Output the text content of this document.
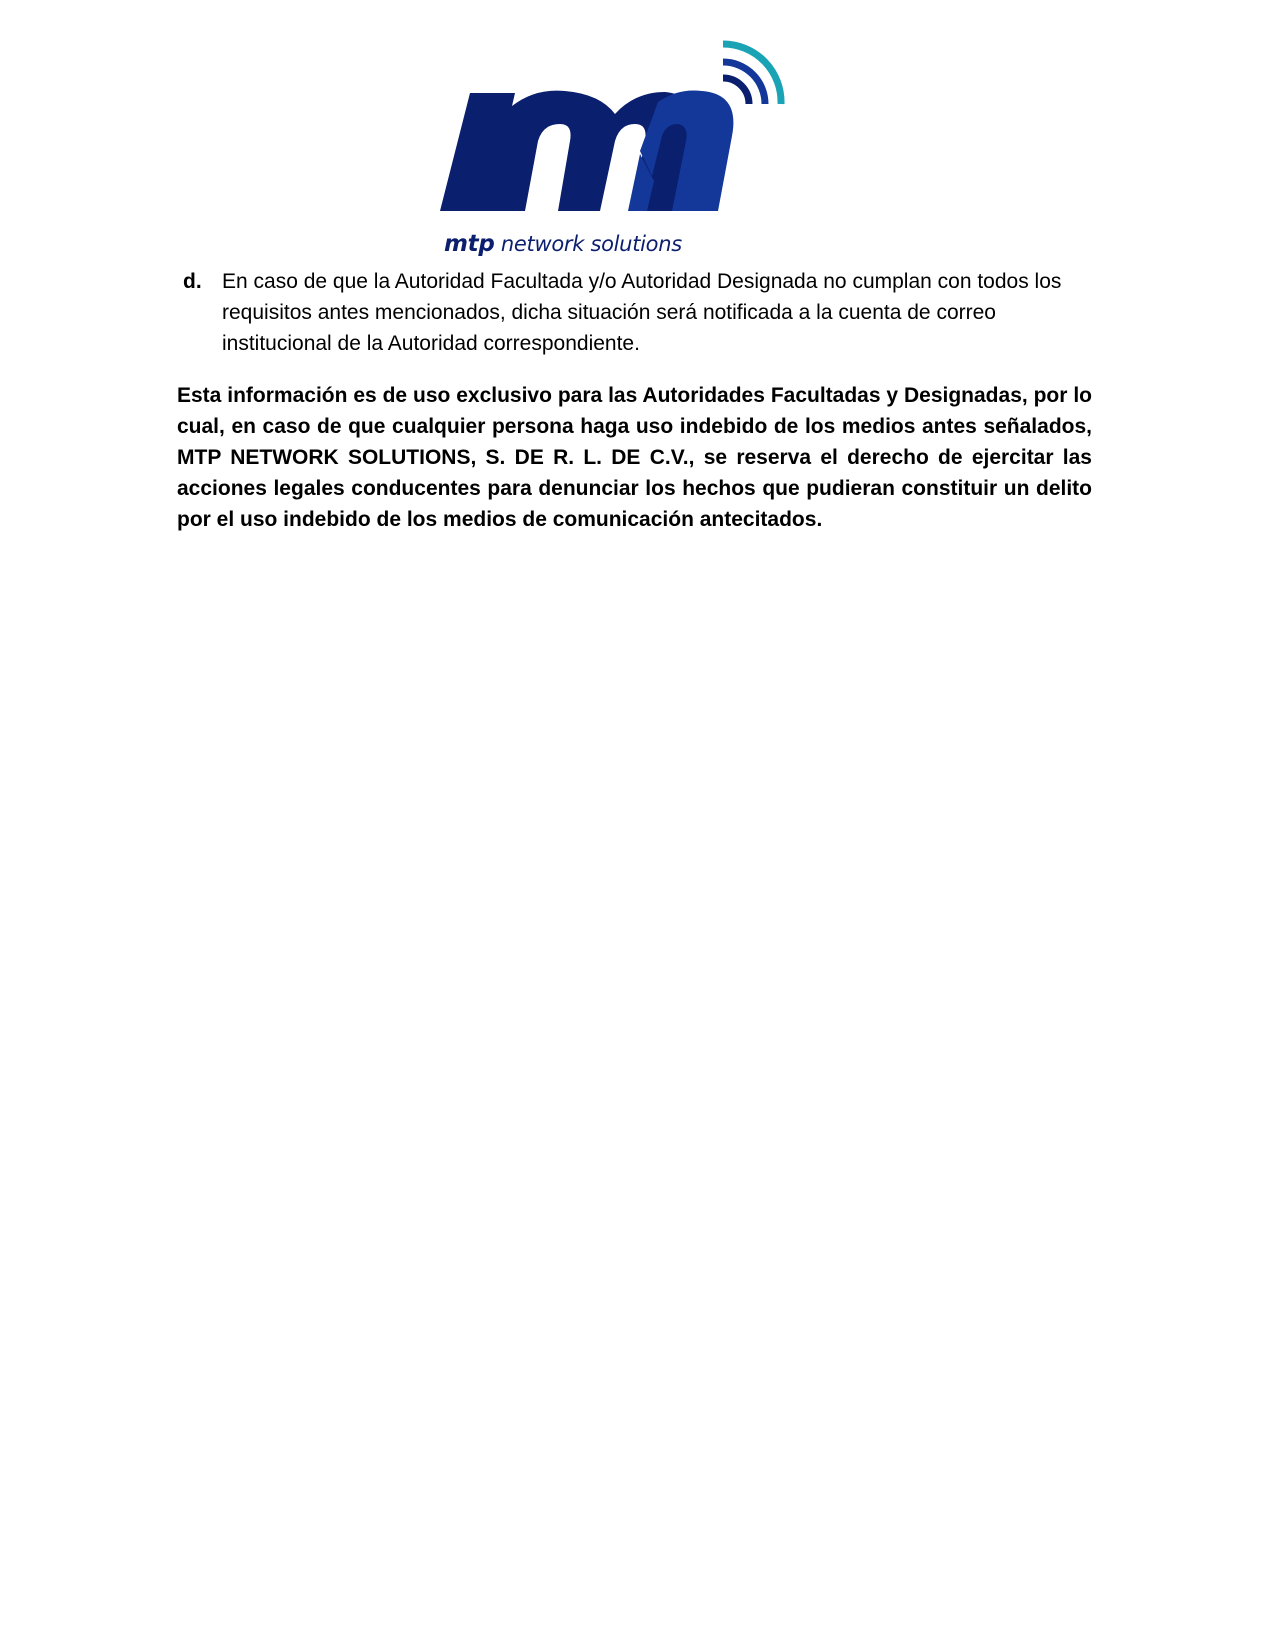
mtp network solutions
d. En caso de que la Autoridad Facultada y/o Autoridad Designada no cumplan con todos los requisitos antes mencionados, dicha situación será notificada a la cuenta de correo institucional de la Autoridad correspondiente.
Esta información es de uso exclusivo para las Autoridades Facultadas y Designadas, por lo cual, en caso de que cualquier persona haga uso indebido de los medios antes señalados, MTP NETWORK SOLUTIONS, S. DE R. L. DE C.V., se reserva el derecho de ejercitar las acciones legales conducentes para denunciar los hechos que pudieran constituir un delito por el uso indebido de los medios de comunicación antecitados.
